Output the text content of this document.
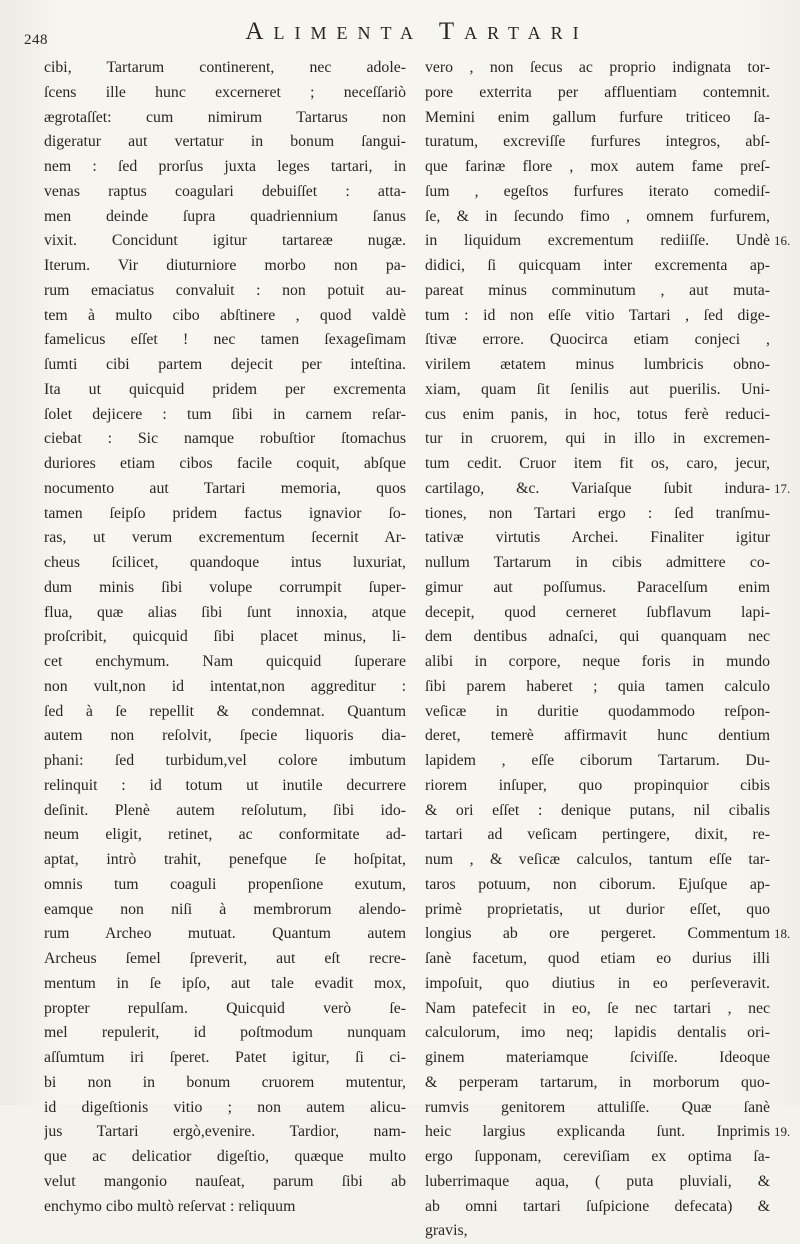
248	Alimenta Tartari
cibi, Tartarum continerent, nec adole-
ſcens ille hunc excerneret ; neceſſariò
ægrotaſſet: cum nimirum Tartarus non
digeratur aut vertatur in bonum ſangui-
nem : ſed prorſus juxta leges tartari, in
venas raptus coagulari debuiſſet : atta-
men deinde ſupra quadriennium ſanus
vixit. Concidunt igitur tartareæ nugæ.
Iterum. Vir diuturniore morbo non pa-
rum emaciatus convaluit : non potuit au-
tem à multo cibo abſtinere , quod valdè
famelicus eſſet ! nec tamen ſexageſimam
ſumti cibi partem dejecit per inteſtina.
Ita ut quicquid pridem per excrementa
ſolet dejicere : tum ſibi in carnem reſar-
ciebat : Sic namque robuſtior ſtomachus
duriores etiam cibos facile coquit, abſque
nocumento aut Tartari memoria, quos
tamen ſeipſo pridem factus ignavior ſo-
ras, ut verum excrementum ſecernit Ar-
cheus ſcilicet, quandoque intus luxuriat,
dum minis ſibi volupe corrumpit ſuper-
flua, quæ alias ſibi ſunt innoxia, atque
proſcribit, quicquid ſibi placet minus, li-
cet enchymum. Nam quicquid ſuperare
non vult,non id intentat,non aggreditur :
ſed à ſe repellit & condemnat. Quantum
autem non reſolvit, ſpecie liquoris dia-
phani: ſed turbidum,vel colore imbutum
relinquit : id totum ut inutile decurrere
deſinit. Plenè autem reſolutum, ſibi ido-
neum eligit, retinet, ac conformitate ad-
aptat, intrò trahit, penefque ſe hoſpitat,
omnis tum coaguli propenſione exutum,
eamque non niſi à membrorum alendo-
rum Archeo mutuat. Quantum autem
Archeus ſemel ſpreverit, aut eſt recre-
mentum in ſe ipſo, aut tale evadit mox,
propter repulſam. Quicquid verò ſe-
mel repulerit, id poſtmodum nunquam
aſſumtum iri ſperet. Patet igitur, ſi ci-
bi non in bonum cruorem mutentur,
id digeſtionis vitio ; non autem alicu-
jus Tartari ergò,evenire. Tardior, nam-
que ac delicatior digeſtio, quæque multo
velut mangonio nauſeat, parum ſibi ab
enchymo cibo multò reſervat : reliquum
vero , non ſecus ac proprio indignata tor-
pore exterrita per affluentiam contemnit.
Memini enim gallum furfure triticeo ſa-
turatum, excreviſſe furfures integros, abſ-
que farinæ flore , mox autem fame preſ-
ſum , egeſtos furfures iterato comediſ-
ſe, & in ſecundo fimo , omnem furfurem,
in liquidum excrementum rediiſſe. Undè
didici, ſi quicquam inter excrementa ap-
pareat minus comminutum , aut muta-
tum : id non eſſe vitio Tartari , ſed dige-
ſtivæ errore. Quocirca etiam conjeci ,
virilem ætatem minus lumbricis obno-
xiam, quam ſit ſenilis aut puerilis. Uni-
cus enim panis, in hoc, totus ferè reduci-
tur in cruorem, qui in illo in excremen-
tum cedit. Cruor item fit os, caro, jecur,
cartilago, &c. Variaſque ſubit indura-
tiones, non Tartari ergo : ſed tranſmu-
tativæ virtutis Archei. Finaliter igitur
nullum Tartarum in cibis admittere co-
gimur aut poſſumus. Paracelſum enim
decepit, quod cerneret ſubflavum lapi-
dem dentibus adnaſci, qui quanquam nec
alibi in corpore, neque foris in mundo
ſibi parem haberet ; quia tamen calculo
veſicæ in duritie quodammodo reſpon-
deret, temerè affirmavit hunc dentium
lapidem , eſſe ciborum Tartarum. Du-
riorem inſuper, quo propinquior cibis
& ori eſſet : denique putans, nil cibalis
tartari ad veſicam pertingere, dixit, re-
num , & veſicæ calculos, tantum eſſe tar-
taros potuum, non ciborum. Ejuſque ap-
primè proprietatis, ut durior eſſet, quo
longius ab ore pergeret. Commentum
ſanè facetum, quod etiam eo durius illi
impoſuit, quo diutius in eo perſeveravit.
Nam patefecit in eo, ſe nec tartari , nec
calculorum, imo neq; lapidis dentalis ori-
ginem materiamque ſciviſſe. Ideoque
& perperam tartarum, in morborum quo-
rumvis genitorem attuliſſe. Quæ ſanè
heic largius explicanda ſunt. Inprimis
ergo ſupponam, cereviſiam ex optima ſa-
luberrimaque aqua, ( puta pluviali, &
ab omni tartari ſuſpicione defecata) &
gravis,
16.
17.
18.
19.
